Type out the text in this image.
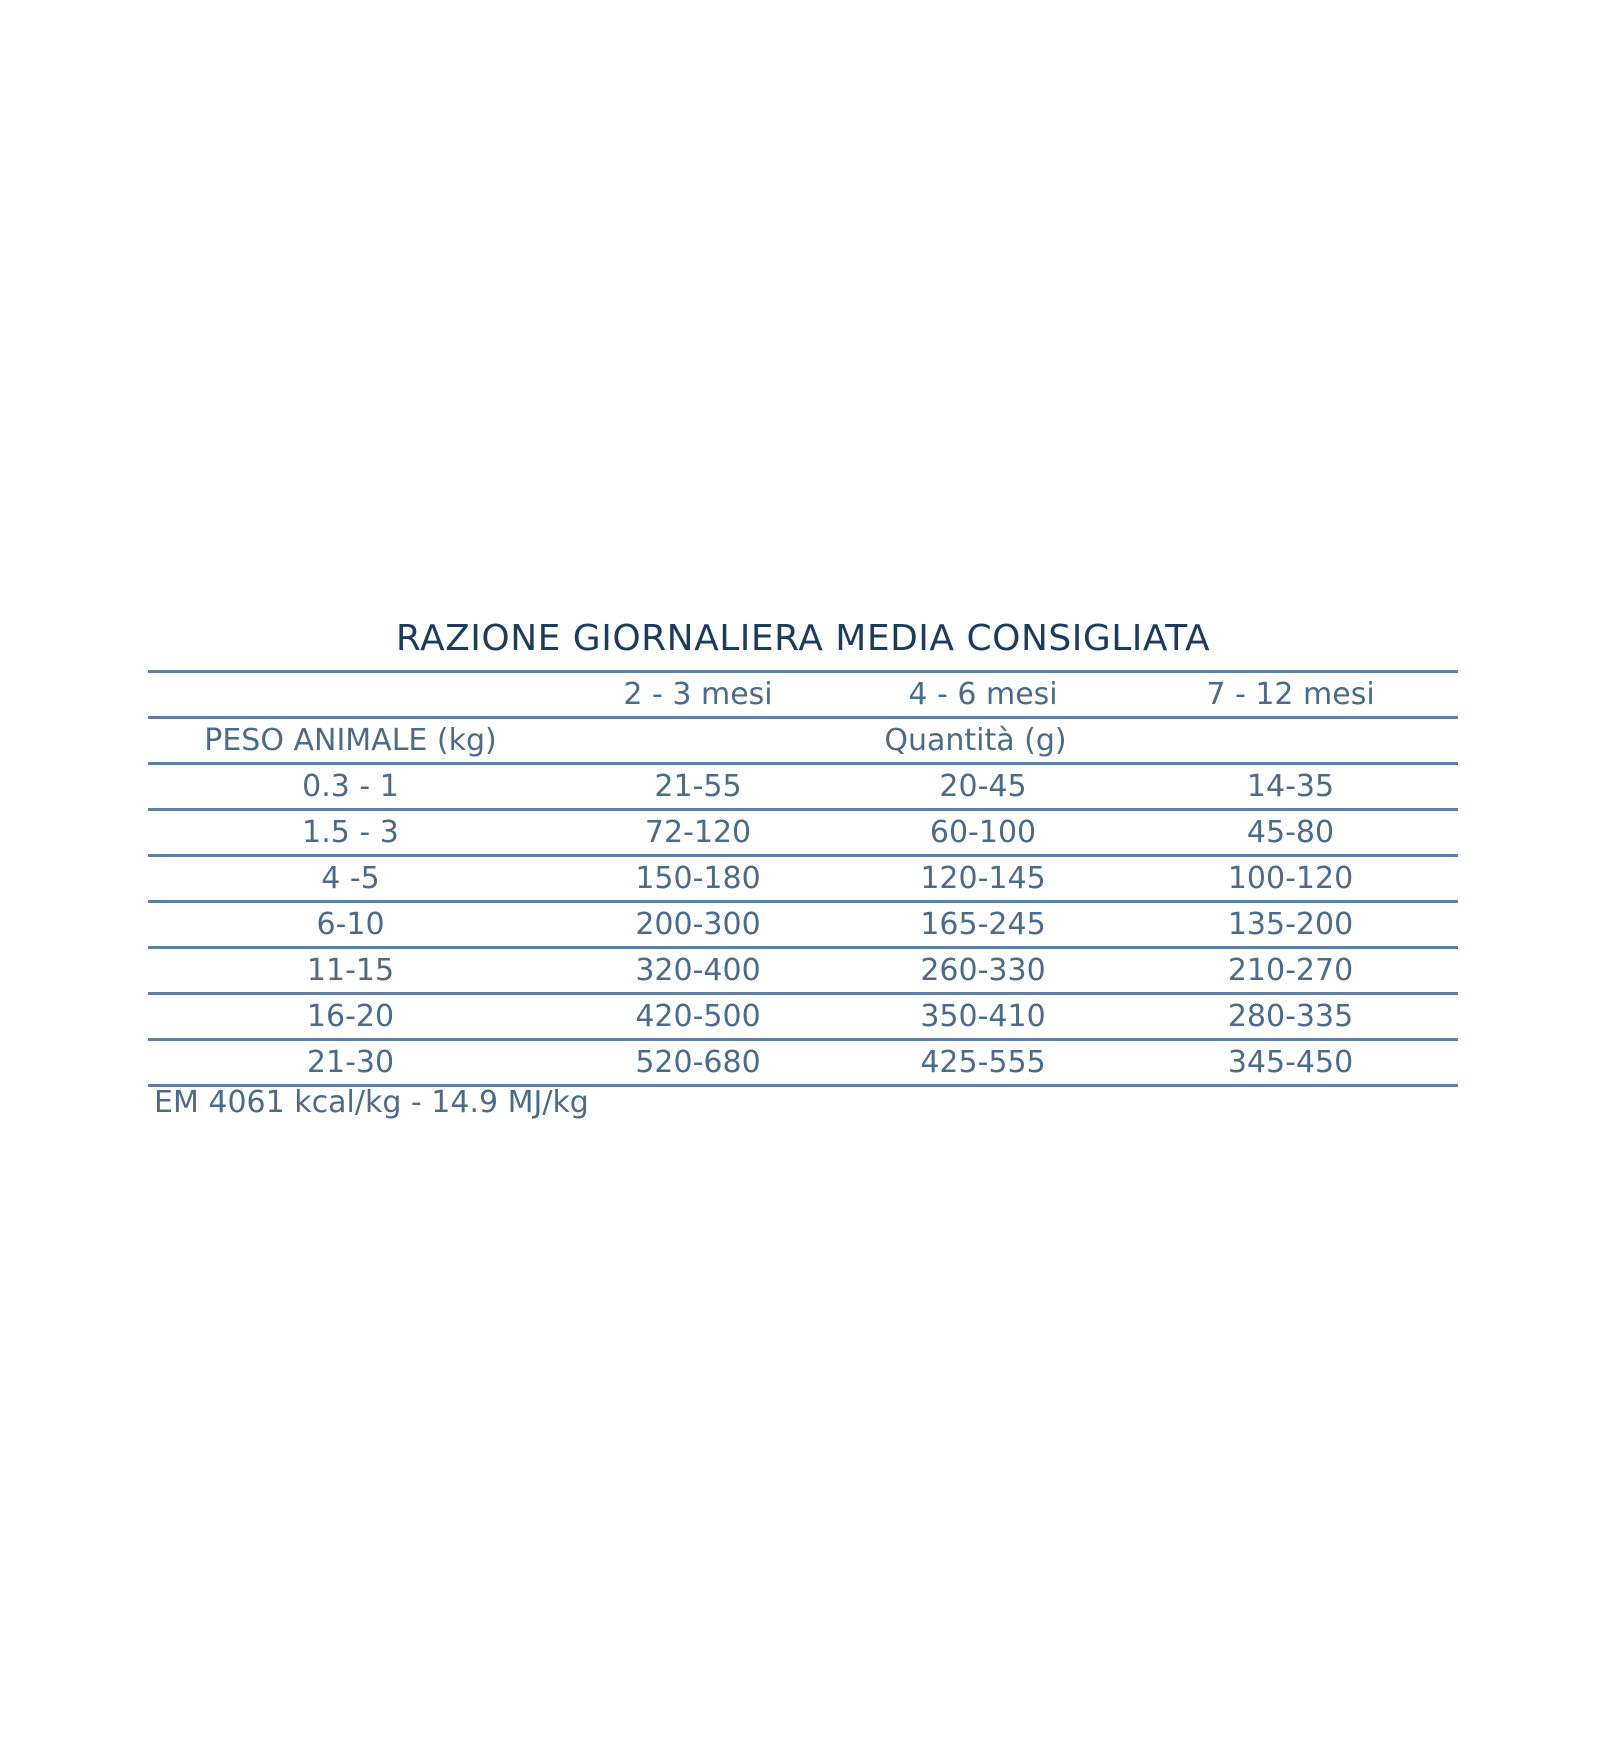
RAZIONE GIORNALIERA MEDIA CONSIGLIATA
	2 - 3 mesi	4 - 6 mesi	7 - 12 mesi
PESO ANIMALE (kg)	Quantità (g)		
0.3 - 1	21-55	20-45	14-35
1.5 - 3	72-120	60-100	45-80
4 -5	150-180	120-145	100-120
6-10	200-300	165-245	135-200
11-15	320-400	260-330	210-270
16-20	420-500	350-410	280-335
21-30	520-680	425-555	345-450
EM 4061 kcal/kg - 14.9 MJ/kg
